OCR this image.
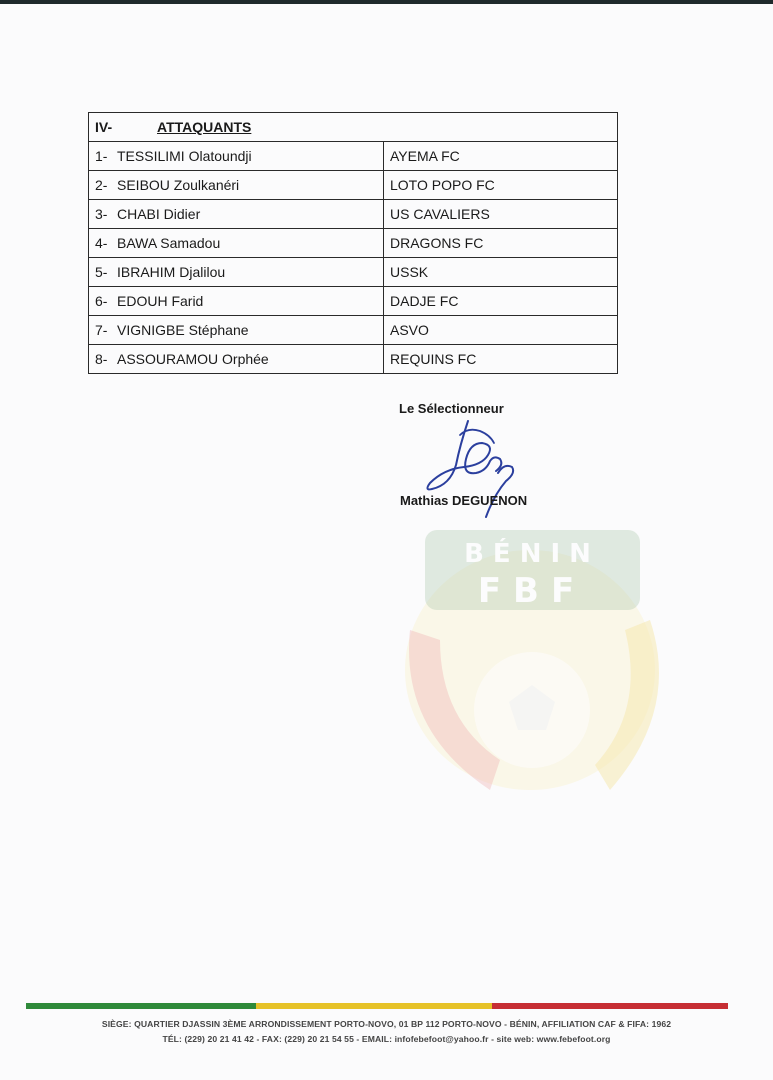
BÉNIN
FBF
IV- ATTAQUANTS	
1- TESSILIMI Olatoundji	AYEMA FC
2- SEIBOU Zoulkanéri	LOTO POPO FC
3- CHABI Didier	US CAVALIERS
4- BAWA Samadou	DRAGONS FC
5- IBRAHIM Djalilou	USSK
6- EDOUH Farid	DADJE FC
7- VIGNIGBE Stéphane	ASVO
8- ASSOURAMOU Orphée	REQUINS FC
Le Sélectionneur
Mathias DEGUENON
SIÈGE: QUARTIER DJASSIN 3ÈME ARRONDISSEMENT PORTO-NOVO, 01 BP 112 PORTO-NOVO - BÉNIN, AFFILIATION CAF & FIFA: 1962
TÉL: (229) 20 21 41 42 - FAX: (229) 20 21 54 55 - EMAIL: infofebefoot@yahoo.fr - site web: www.febefoot.org
